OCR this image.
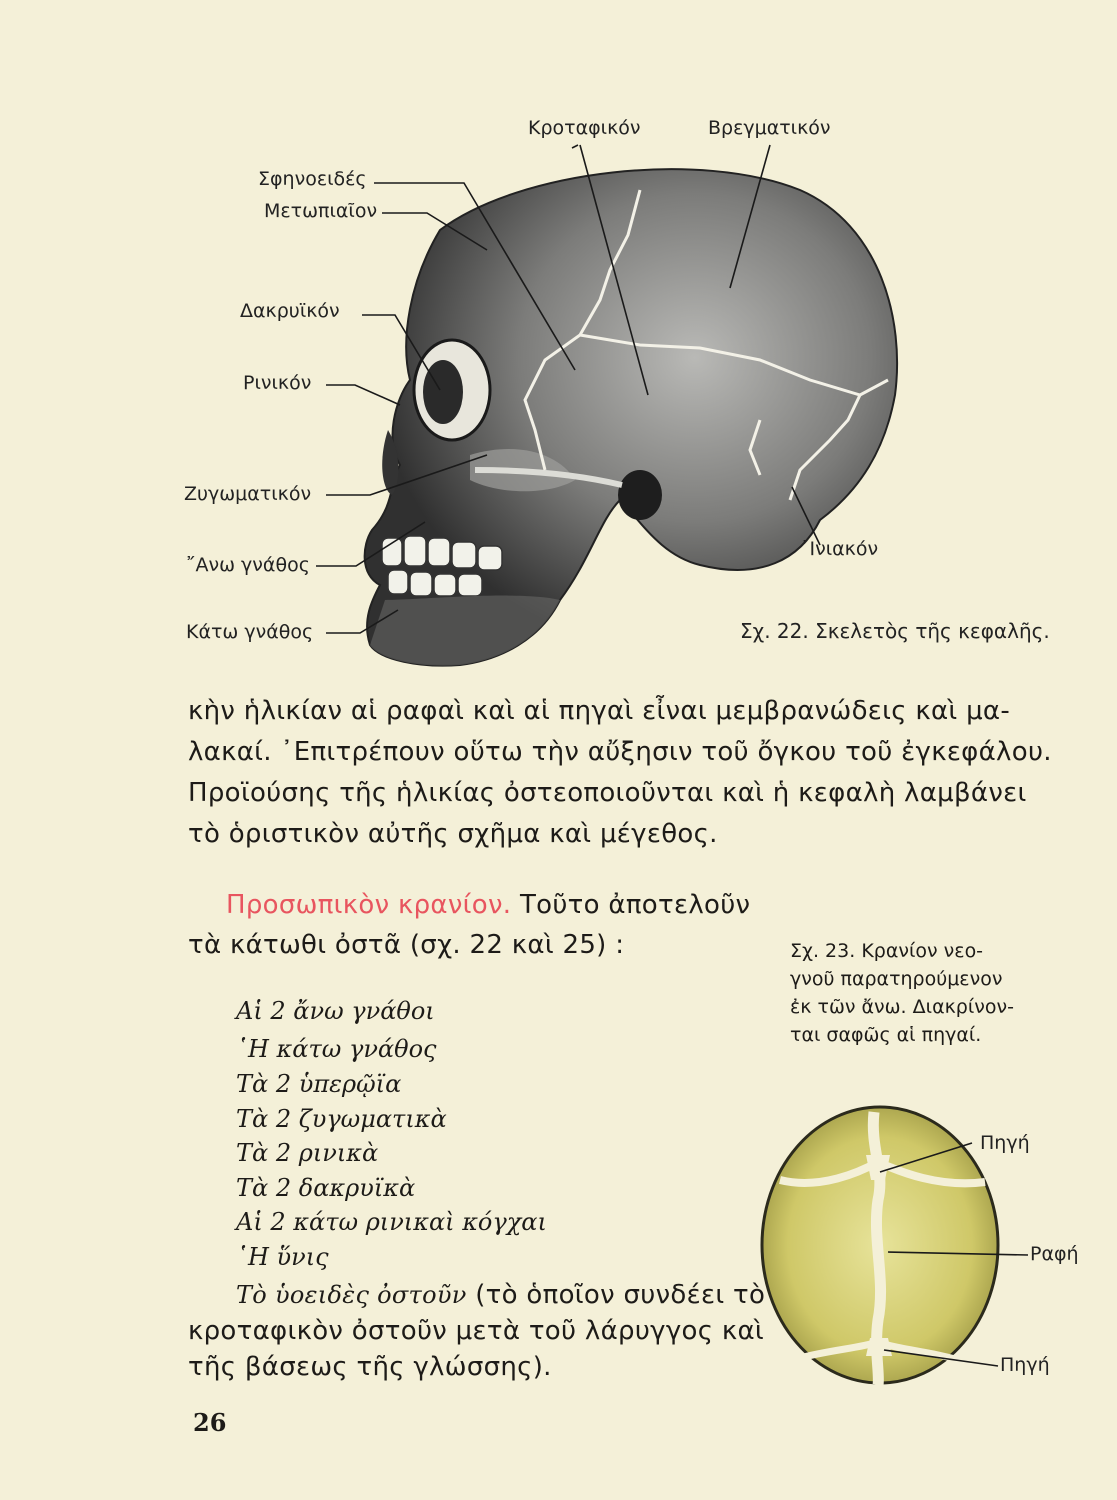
Κροταφικόν	Βρεγματικόν
Σφηνοειδές
Μετωπιαῖον
Δακρυϊκόν
Ρινικόν
Ζυγωματικόν
῎Ανω γνάθος
Κάτω γνάθος
᾿Ινιακόν
Σχ. 22. Σκελετὸς τῆς κεφαλῆς.
κὴν ἡλικίαν αἱ ραφαὶ καὶ αἱ πηγαὶ εἶναι μεμβρανώδεις καὶ μα-
λακαί. ᾿Επιτρέπουν οὕτω τὴν αὔξησιν τοῦ ὄγκου τοῦ ἐγκεφάλου.
Προϊούσης τῆς ἡλικίας ὀστεοποιοῦνται καὶ ἡ κεφαλὴ λαμβάνει
τὸ ὁριστικὸν αὐτῆς σχῆμα καὶ μέγεθος.
Προσωπικὸν κρανίον. Τοῦτο ἀποτελοῦν
τὰ κάτωθι ὀστᾶ (σχ. 22 καὶ 25) :
Αἱ 2 ἄνω γνάθοι
῾Η κάτω γνάθος
Τὰ 2 ὑπερῷϊα
Τὰ 2 ζυγωματικὰ
Τὰ 2 ρινικὰ
Τὰ 2 δακρυϊκὰ
Αἱ 2 κάτω ρινικαὶ κόγχαι
῾Η ὕνις
Τὸ ὑοειδὲς ὀστοῦν (τὸ ὁποῖον συνδέει τὸ
κροταφικὸν ὀστοῦν μετὰ τοῦ λάρυγγος καὶ
τῆς βάσεως τῆς γλώσσης).
Σχ. 23. Κρανίον νεο-
γνοῦ παρατηρούμενον
ἐκ τῶν ἄνω. Διακρίνον-
ται σαφῶς αἱ πηγαί.
Πηγή
Ραφή
Πηγή
26
